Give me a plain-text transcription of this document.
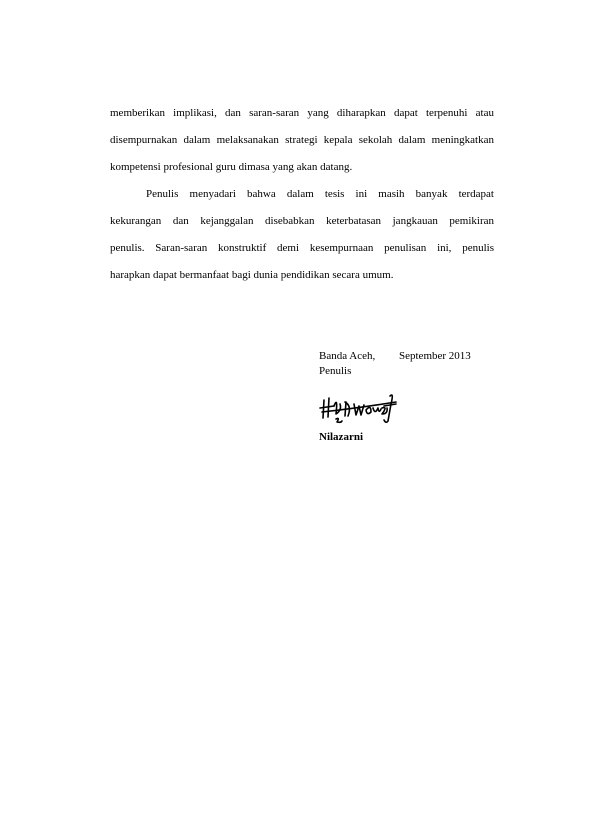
memberikan implikasi, dan saran-saran yang diharapkan dapat terpenuhi atau
disempurnakan dalam melaksanakan strategi kepala sekolah dalam meningkatkan
kompetensi profesional guru dimasa yang akan datang.
Penulis menyadari bahwa dalam tesis ini masih banyak terdapat
kekurangan dan kejanggalan disebabkan keterbatasan jangkauan pemikiran
penulis. Saran-saran konstruktif demi kesempurnaan penulisan ini, penulis
harapkan dapat bermanfaat bagi dunia pendidikan secara umum.
Banda Aceh, September 2013
Penulis
Nilazarni
